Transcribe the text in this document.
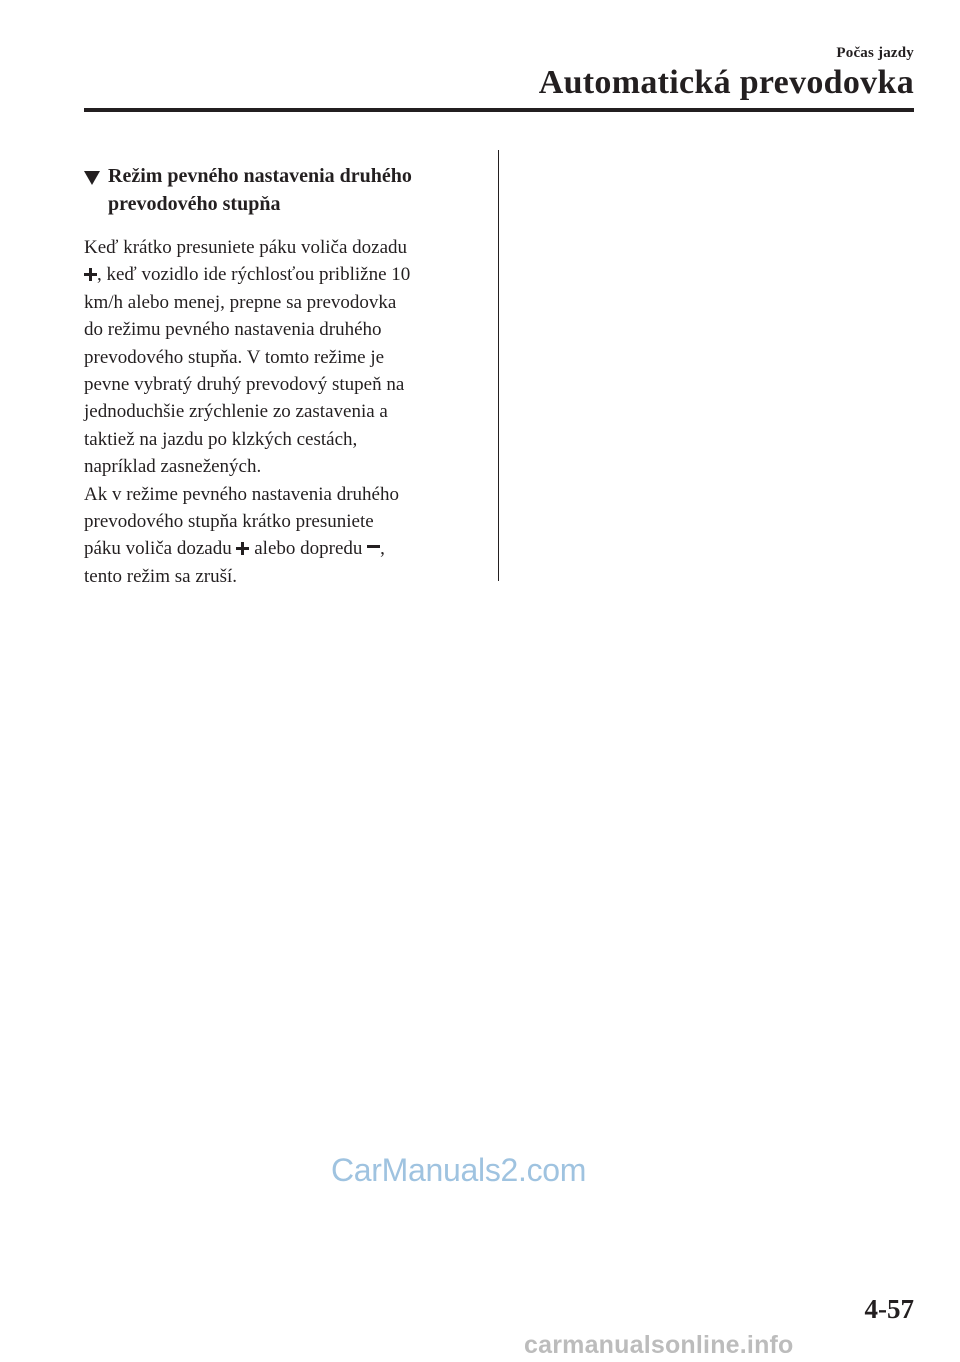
Počas jazdy
Automatická prevodovka
Režim pevného nastavenia druhého
prevodového stupňa
Keď krátko presuniete páku voliča dozadu
, keď vozidlo ide rýchlosťou približne 10
km/h alebo menej, prepne sa prevodovka
do režimu pevného nastavenia druhého
prevodového stupňa. V tomto režime je
pevne vybratý druhý prevodový stupeň na
jednoduchšie zrýchlenie zo zastavenia a
taktiež na jazdu po klzkých cestách,
napríklad zasnežených.
Ak v režime pevného nastavenia druhého
prevodového stupňa krátko presuniete
páku voliča dozadu  alebo dopredu ,
tento režim sa zruší.
CarManuals2.com
4-57
carmanualsonline.info
